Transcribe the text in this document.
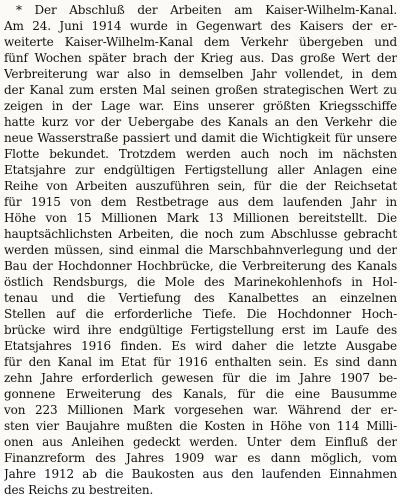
* Der Abschluß der Arbeiten am Kaiser-Wilhelm-Kanal.
Am 24. Juni 1914 wurde in Gegenwart des Kaisers der er-
weiterte Kaiser-Wilhelm-Kanal dem Verkehr übergeben und
fünf Wochen später brach der Krieg aus. Das große Wert der
Verbreiterung war also in demselben Jahr vollendet, in dem
der Kanal zum ersten Mal seinen großen strategischen Wert zu
zeigen in der Lage war. Eins unserer größten Kriegsschiffe
hatte kurz vor der Uebergabe des Kanals an den Verkehr die
neue Wasserstraße passiert und damit die Wichtigkeit für unsere
Flotte bekundet. Trotzdem werden auch noch im nächsten
Etatsjahre zur endgültigen Fertigstellung aller Anlagen eine
Reihe von Arbeiten auszuführen sein, für die der Reichsetat
für 1915 von dem Restbetrage aus dem laufenden Jahr in
Höhe von 15 Millionen Mark 13 Millionen bereitstellt. Die
hauptsächlichsten Arbeiten, die noch zum Abschlusse gebracht
werden müssen, sind einmal die Marschbahnverlegung und der
Bau der Hochdonner Hochbrücke, die Verbreiterung des Kanals
östlich Rendsburgs, die Mole des Marinekohlenhofs in Hol-
tenau und die Vertiefung des Kanalbettes an einzelnen
Stellen auf die erforderliche Tiefe. Die Hochdonner Hoch-
brücke wird ihre endgültige Fertigstellung erst im Laufe des
Etatsjahres 1916 finden. Es wird daher die letzte Ausgabe
für den Kanal im Etat für 1916 enthalten sein. Es sind dann
zehn Jahre erforderlich gewesen für die im Jahre 1907 be-
gonnene Erweiterung des Kanals, für die eine Bausumme
von 223 Millionen Mark vorgesehen war. Während der er-
sten vier Baujahre mußten die Kosten in Höhe von 114 Milli-
onen aus Anleihen gedeckt werden. Unter dem Einfluß der
Finanzreform des Jahres 1909 war es dann möglich, vom
Jahre 1912 ab die Baukosten aus den laufenden Einnahmen
des Reichs zu bestreiten.
